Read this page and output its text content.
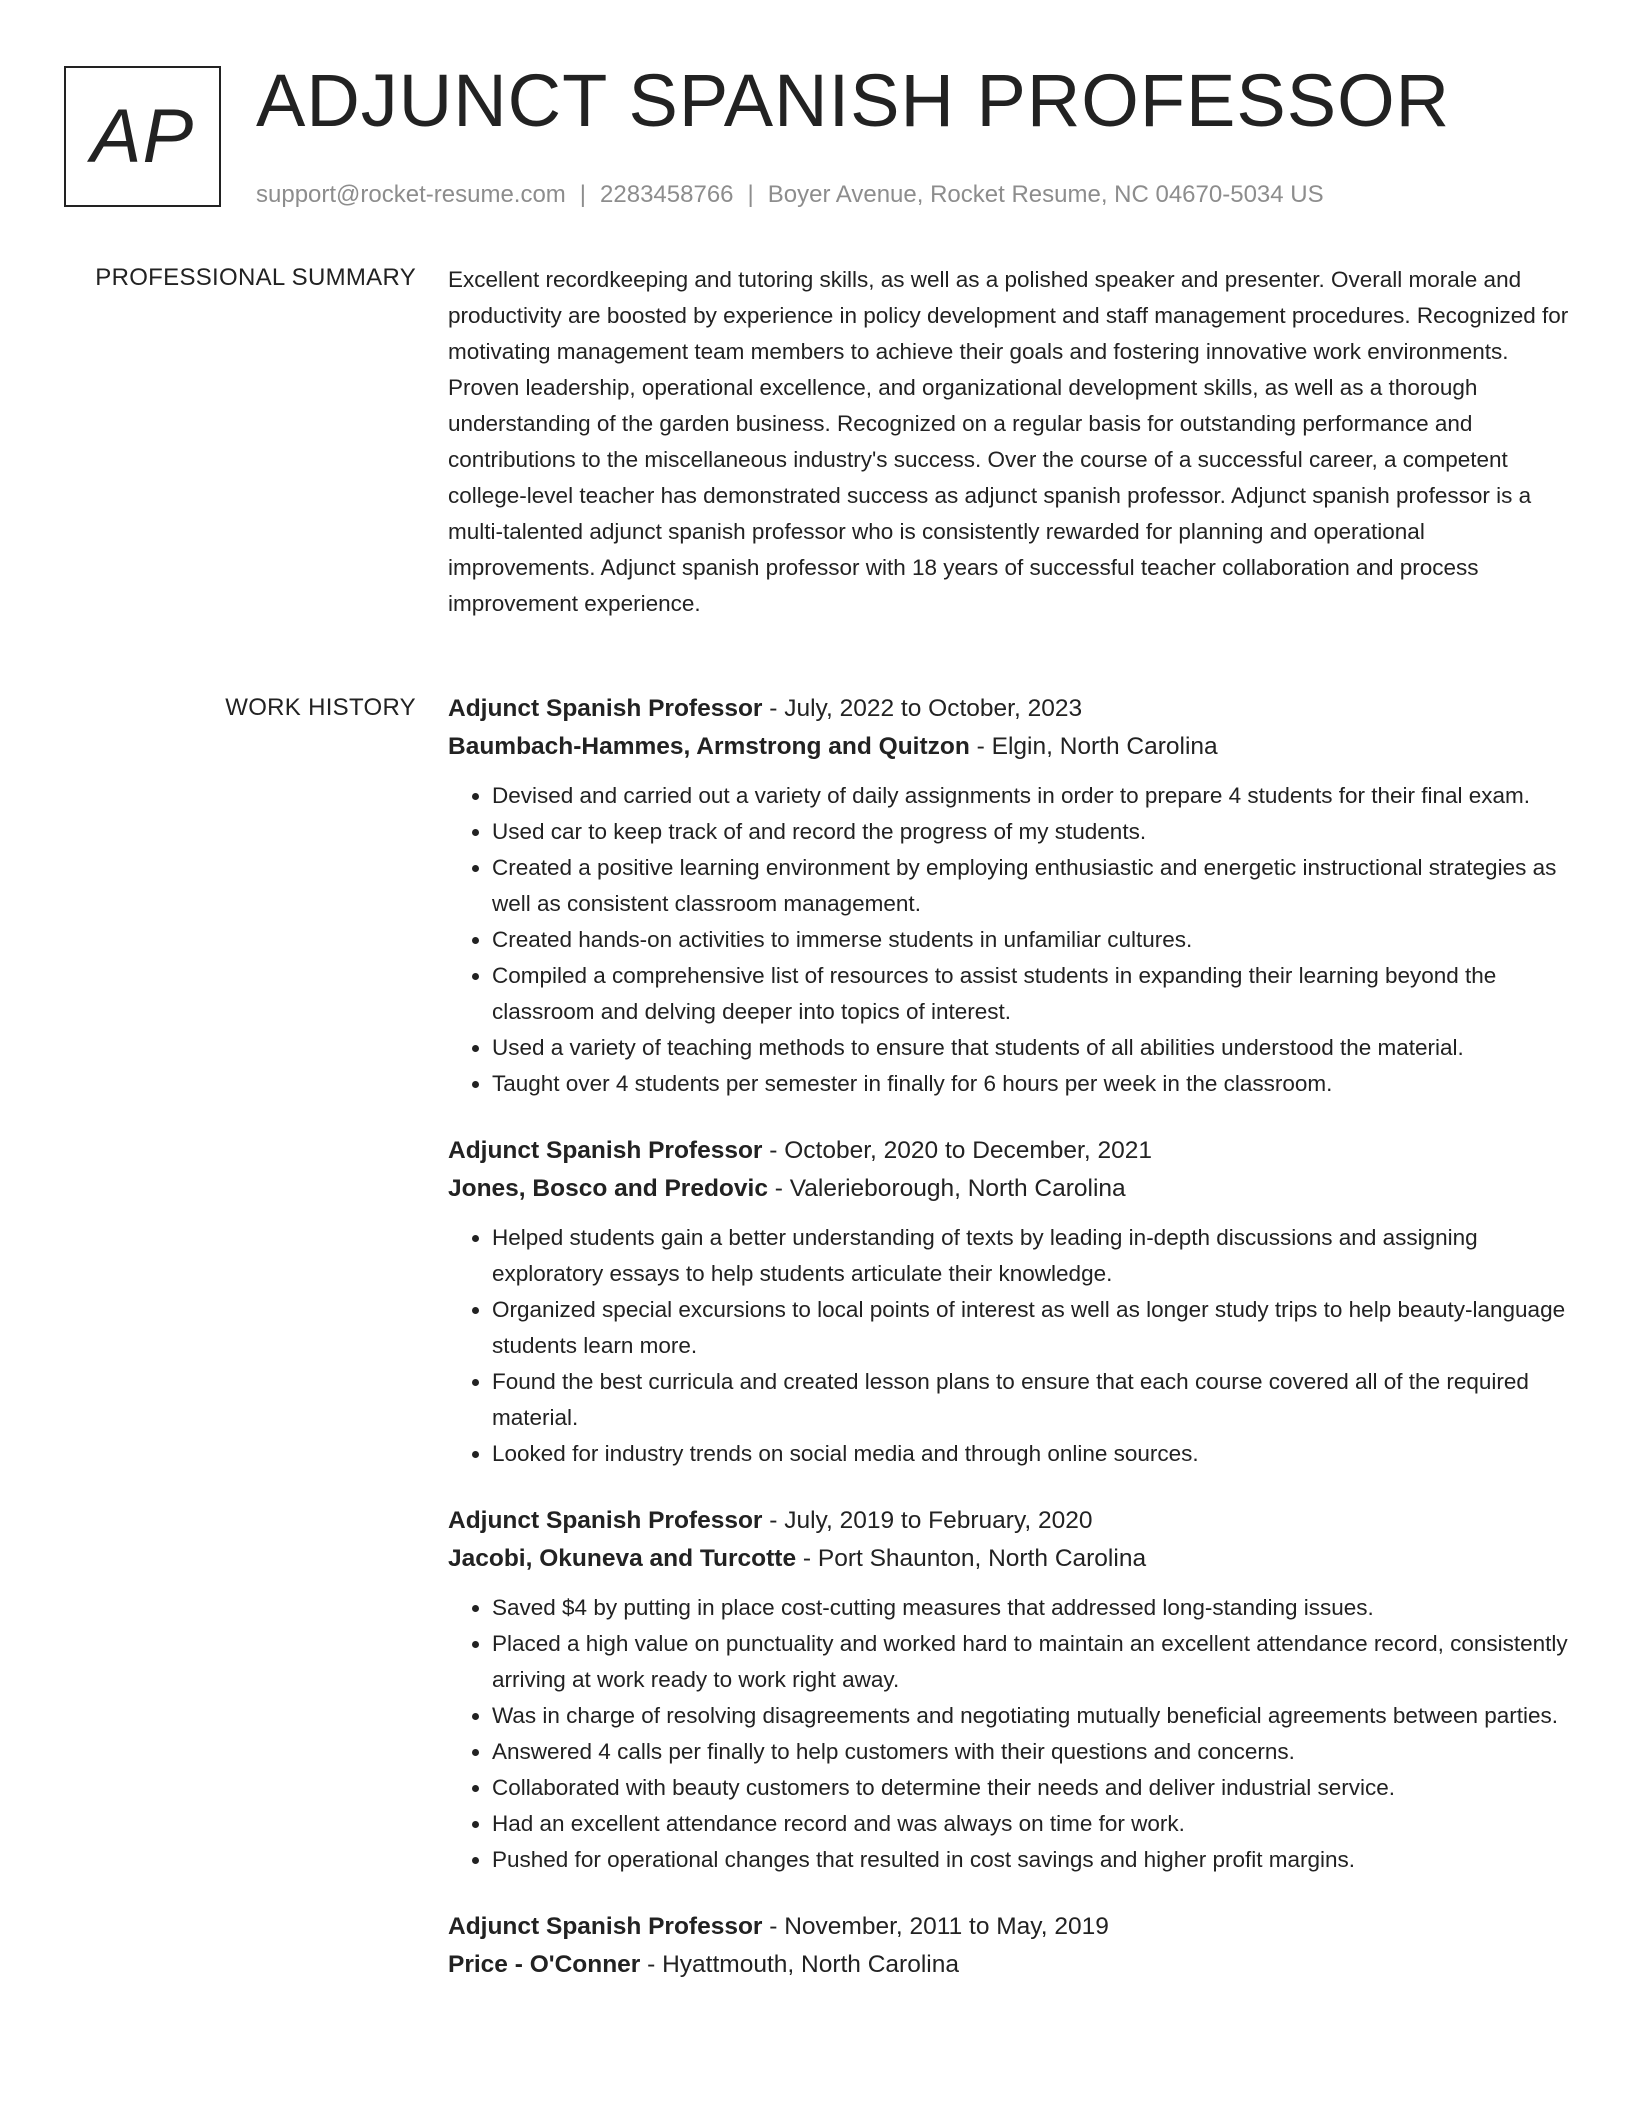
AP ADJUNCT SPANISH PROFESSOR
support@rocket-resume.com | 2283458766 | Boyer Avenue, Rocket Resume, NC 04670-5034 US
PROFESSIONAL SUMMARY Excellent recordkeeping and tutoring skills, as well as a polished speaker and presenter. Overall morale and productivity are boosted by experience in policy development and staff management procedures. Recognized for motivating management team members to achieve their goals and fostering innovative work environments. Proven leadership, operational excellence, and organizational development skills, as well as a thorough understanding of the garden business. Recognized on a regular basis for outstanding performance and contributions to the miscellaneous industry's success. Over the course of a successful career, a competent college-level teacher has demonstrated success as adjunct spanish professor. Adjunct spanish professor is a multi-talented adjunct spanish professor who is consistently rewarded for planning and operational improvements. Adjunct spanish professor with 18 years of successful teacher collaboration and process improvement experience.

WORK HISTORY Adjunct Spanish Professor - July, 2022 to October, 2023
Baumbach-Hammes, Armstrong and Quitzon - Elgin, North Carolina
• Devised and carried out a variety of daily assignments in order to prepare 4 students for their final exam.
• Used car to keep track of and record the progress of my students.
• Created a positive learning environment by employing enthusiastic and energetic instructional strategies as well as consistent classroom management.
• Created hands-on activities to immerse students in unfamiliar cultures.
• Compiled a comprehensive list of resources to assist students in expanding their learning beyond the classroom and delving deeper into topics of interest.
• Used a variety of teaching methods to ensure that students of all abilities understood the material.
• Taught over 4 students per semester in finally for 6 hours per week in the classroom.
Adjunct Spanish Professor - October, 2020 to December, 2021
Jones, Bosco and Predovic - Valerieborough, North Carolina
• Helped students gain a better understanding of texts by leading in-depth discussions and assigning exploratory essays to help students articulate their knowledge.
• Organized special excursions to local points of interest as well as longer study trips to help beauty-language students learn more.
• Found the best curricula and created lesson plans to ensure that each course covered all of the required material.
• Looked for industry trends on social media and through online sources.
Adjunct Spanish Professor - July, 2019 to February, 2020
Jacobi, Okuneva and Turcotte - Port Shaunton, North Carolina
• Saved $4 by putting in place cost-cutting measures that addressed long-standing issues.
• Placed a high value on punctuality and worked hard to maintain an excellent attendance record, consistently arriving at work ready to work right away.
• Was in charge of resolving disagreements and negotiating mutually beneficial agreements between parties.
• Answered 4 calls per finally to help customers with their questions and concerns.
• Collaborated with beauty customers to determine their needs and deliver industrial service.
• Had an excellent attendance record and was always on time for work.
• Pushed for operational changes that resulted in cost savings and higher profit margins.
Adjunct Spanish Professor - November, 2011 to May, 2019
Price - O'Conner - Hyattmouth, North Carolina
